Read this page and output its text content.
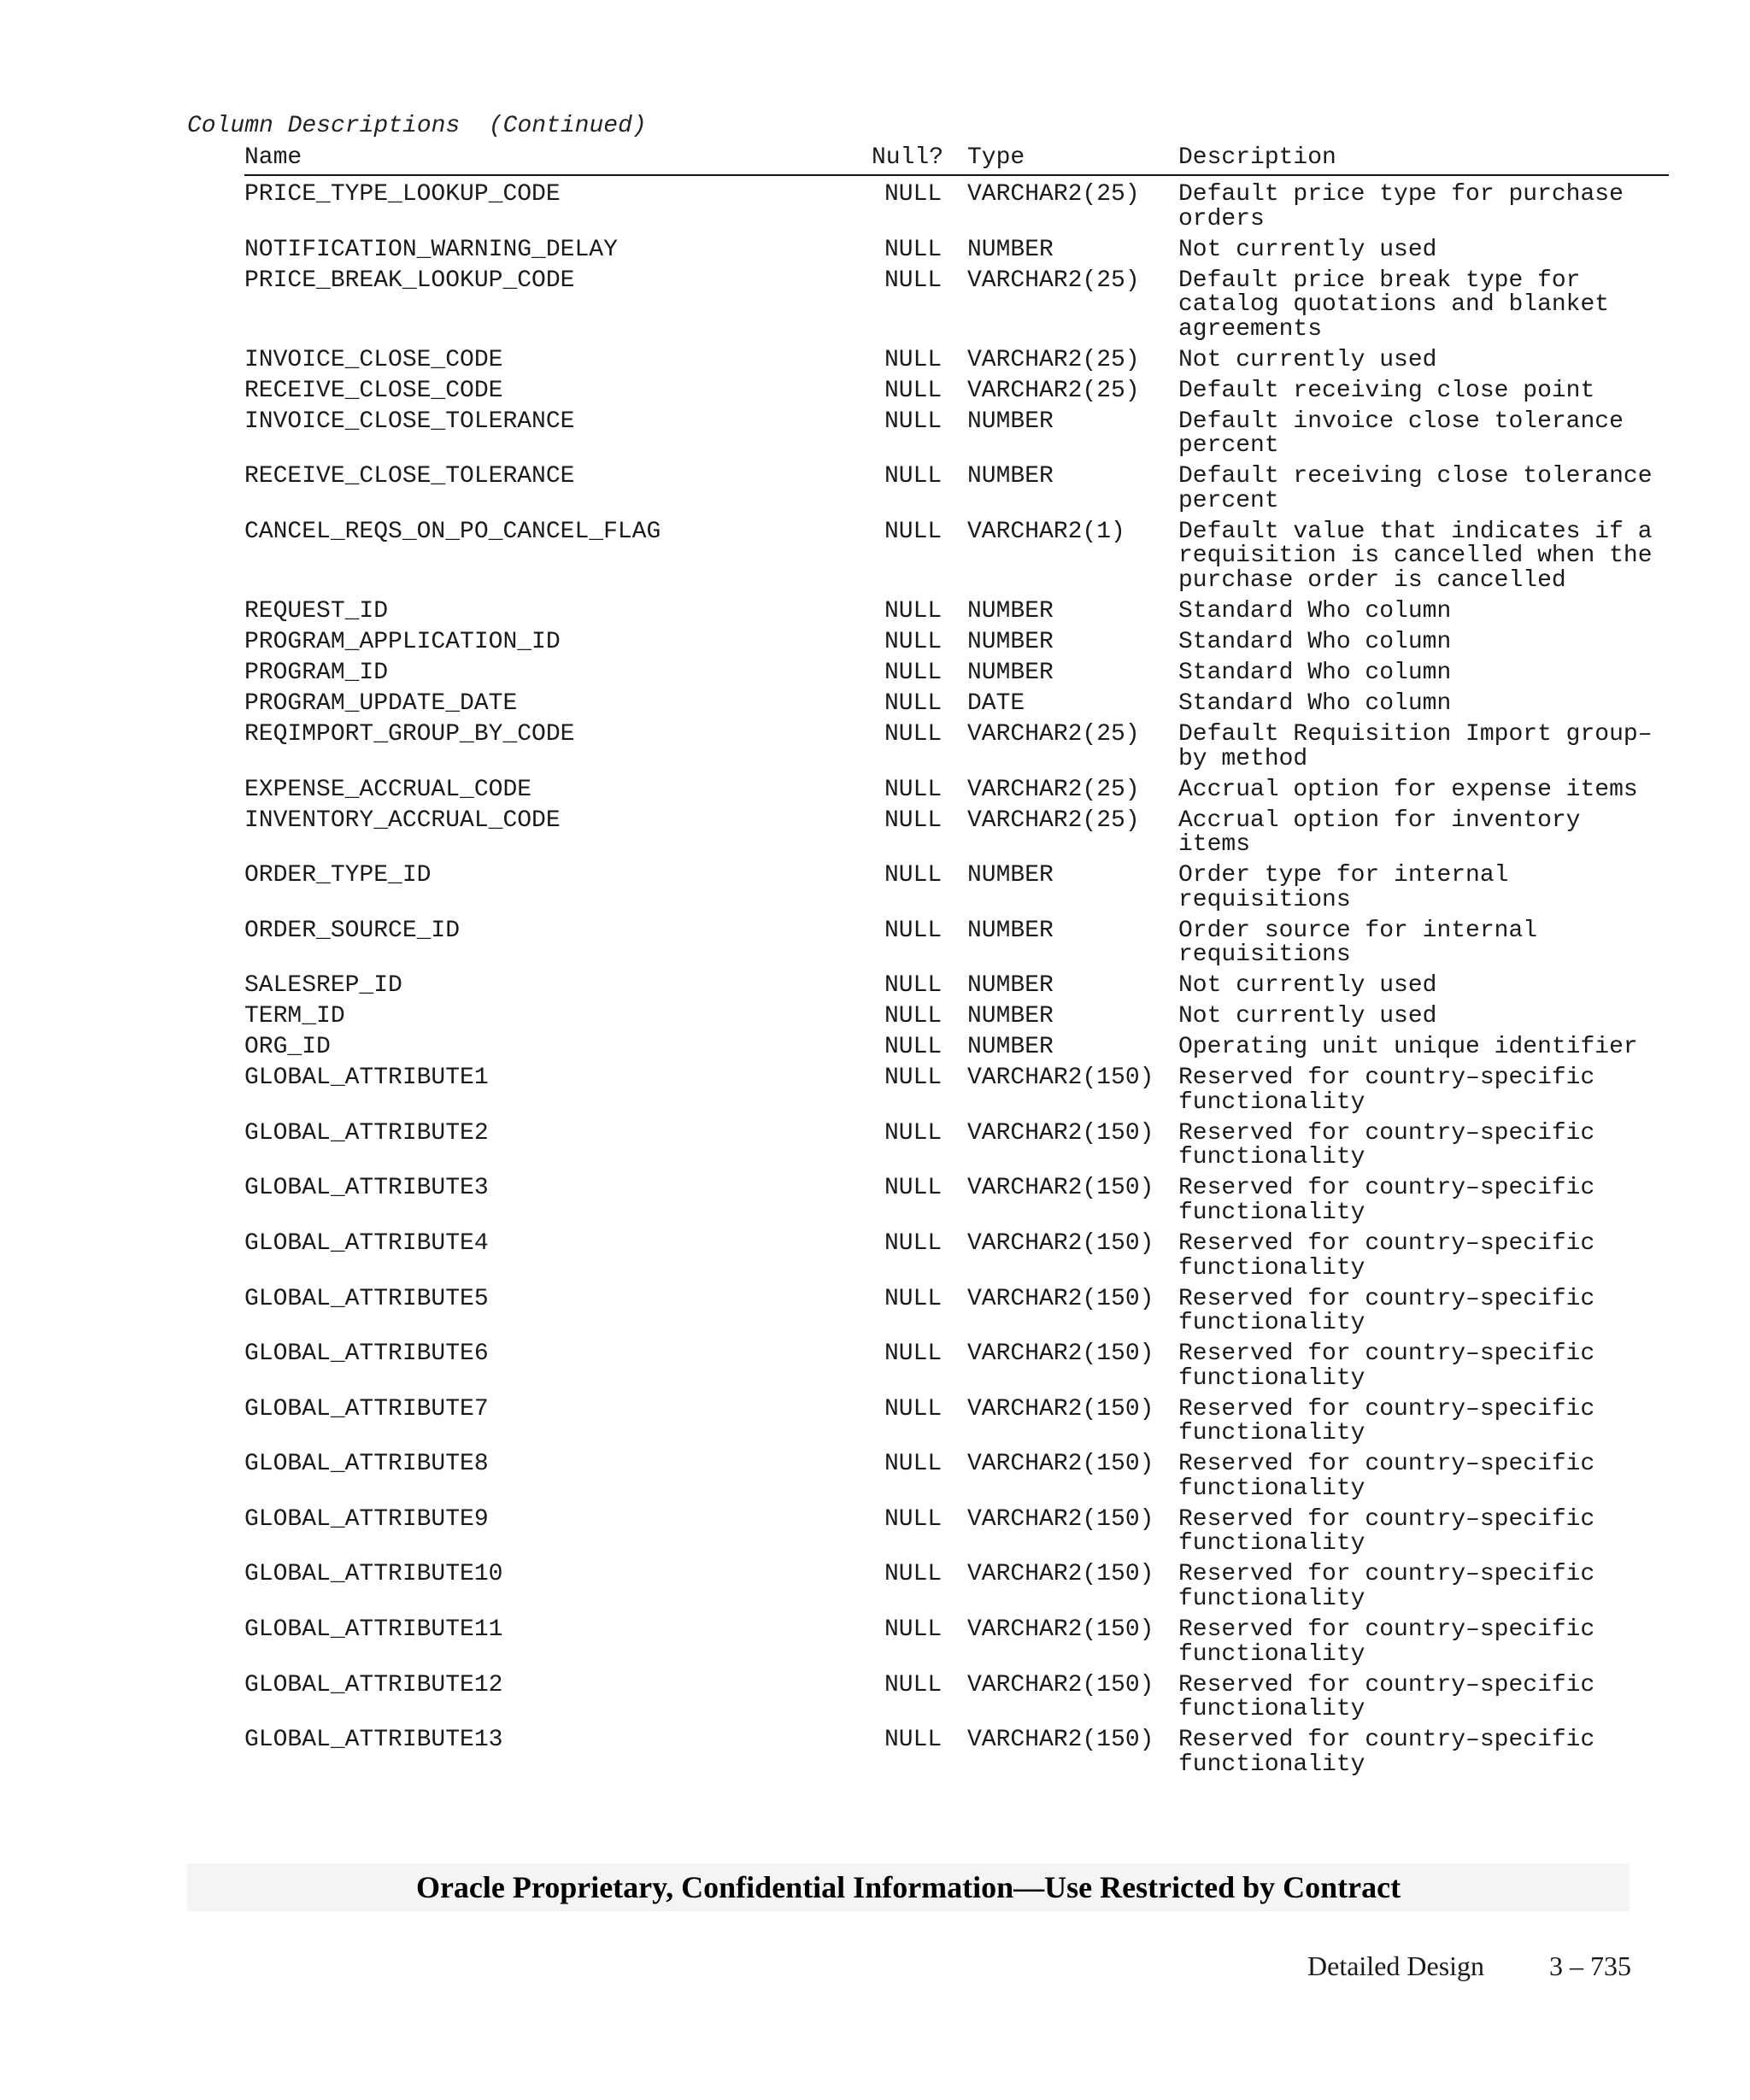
Column Descriptions  (Continued)
Name	Null? Type	Description
PRICE_TYPE_LOOKUP_CODE	NULL VARCHAR2(25) Default price type for purchase orders
NOTIFICATION_WARNING_DELAY	NULL NUMBER	Not currently used
PRICE_BREAK_LOOKUP_CODE	NULL VARCHAR2(25) Default price break type for catalog quotations and blanket agreements
INVOICE_CLOSE_CODE	NULL VARCHAR2(25) Not currently used
RECEIVE_CLOSE_CODE	NULL VARCHAR2(25) Default receiving close point
INVOICE_CLOSE_TOLERANCE	NULL NUMBER	Default invoice close tolerance percent
RECEIVE_CLOSE_TOLERANCE	NULL NUMBER	Default receiving close tolerance percent
CANCEL_REQS_ON_PO_CANCEL_FLAG	NULL VARCHAR2(1) Default value that indicates if a requisition is cancelled when the purchase order is cancelled
REQUEST_ID	NULL NUMBER	Standard Who column
PROGRAM_APPLICATION_ID	NULL NUMBER	Standard Who column
PROGRAM_ID	NULL NUMBER	Standard Who column
PROGRAM_UPDATE_DATE	NULL DATE	Standard Who column
REQIMPORT_GROUP_BY_CODE	NULL VARCHAR2(25) Default Requisition Import group–by method
EXPENSE_ACCRUAL_CODE	NULL VARCHAR2(25) Accrual option for expense items
INVENTORY_ACCRUAL_CODE	NULL VARCHAR2(25) Accrual option for inventory items
ORDER_TYPE_ID	NULL NUMBER	Order type for internal requisitions
ORDER_SOURCE_ID	NULL NUMBER	Order source for internal requisitions
SALESREP_ID	NULL NUMBER	Not currently used
TERM_ID	NULL NUMBER	Not currently used
ORG_ID	NULL NUMBER	Operating unit unique identifier
GLOBAL_ATTRIBUTE1	NULL VARCHAR2(150) Reserved for country–specific functionality
GLOBAL_ATTRIBUTE2	NULL VARCHAR2(150) Reserved for country–specific functionality
GLOBAL_ATTRIBUTE3	NULL VARCHAR2(150) Reserved for country–specific functionality
GLOBAL_ATTRIBUTE4	NULL VARCHAR2(150) Reserved for country–specific functionality
GLOBAL_ATTRIBUTE5	NULL VARCHAR2(150) Reserved for country–specific functionality
GLOBAL_ATTRIBUTE6	NULL VARCHAR2(150) Reserved for country–specific functionality
GLOBAL_ATTRIBUTE7	NULL VARCHAR2(150) Reserved for country–specific functionality
GLOBAL_ATTRIBUTE8	NULL VARCHAR2(150) Reserved for country–specific functionality
GLOBAL_ATTRIBUTE9	NULL VARCHAR2(150) Reserved for country–specific functionality
GLOBAL_ATTRIBUTE10	NULL VARCHAR2(150) Reserved for country–specific functionality
GLOBAL_ATTRIBUTE11	NULL VARCHAR2(150) Reserved for country–specific functionality
GLOBAL_ATTRIBUTE12	NULL VARCHAR2(150) Reserved for country–specific functionality
GLOBAL_ATTRIBUTE13	NULL VARCHAR2(150) Reserved for country–specific functionality
Oracle Proprietary, Confidential Information––Use Restricted by Contract
Detailed Design 3 – 735
